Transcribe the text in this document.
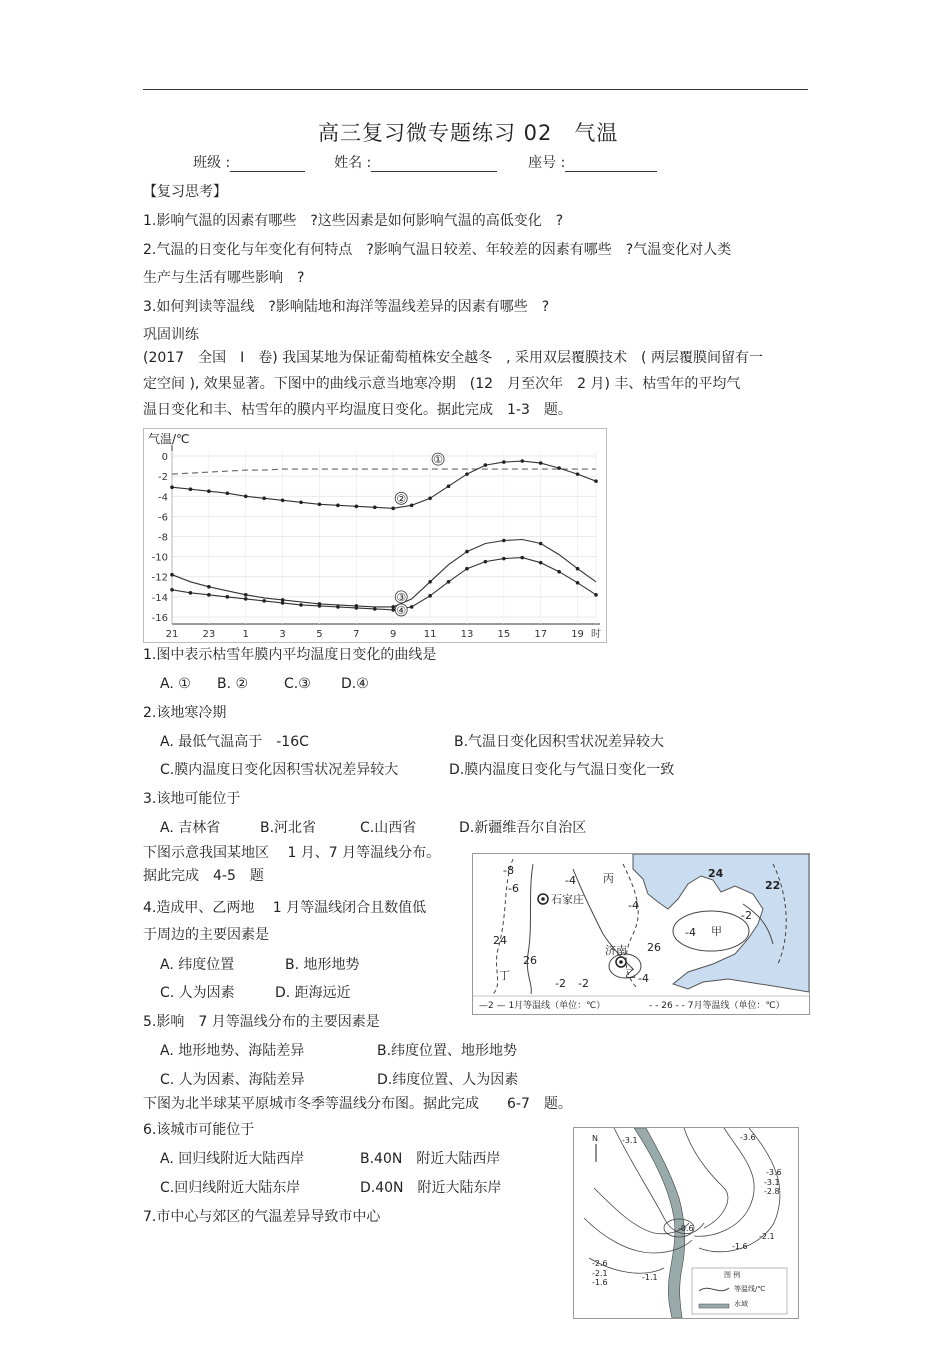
高三复习微专题练习 02　气温
班级 :	姓名 :	座号 :
【复习思考】
1.影响气温的因素有哪些　?这些因素是如何影响气温的高低变化　?
2.气温的日变化与年变化有何特点　?影响气温日较差、年较差的因素有哪些　?气温变化对人类
生产与生活有哪些影响　?
3.如何判读等温线　?影响陆地和海洋等温线差异的因素有哪些　?
巩固训练
(2017　全国　I　卷) 我国某地为保证葡萄植株安全越冬　, 采用双层覆膜技术　( 两层覆膜间留有一
定空间 ), 效果显著。下图中的曲线示意当地寒冷期　(12　月至次年　2 月) 丰、枯雪年的平均气
温日变化和丰、枯雪年的膜内平均温度日变化。据此完成　1-3　题。
气温/℃
0
-2
-4
-6
-8
-10
-12
-14
-16
21 23	1	3	5	7	9	11 13 15 17 19 时
①
②
③
④
1.图中表示枯雪年膜内平均温度日变化的曲线是
A. ① B. ②	C.③ D.④
2.该地寒冷期
A. 最低气温高于　-16C	B.气温日变化因积雪状况差异较大
C.膜内温度日变化因积雪状况差异较大	D.膜内温度日变化与气温日变化一致
3.该地可能位于
A. 吉林省	B.河北省	C.山西省	D.新疆维吾尔自治区
下图示意我国某地区　 1 月、7 月等温线分布。
据此完成　4-5　题
4.造成甲、乙两地　 1 月等温线闭合且数值低
于周边的主要因素是
A. 纬度位置	B. 地形地势
C. 人为因素	D. 距海远近
石家庄
济南
甲
乙
丙
丁
-8
-6
-4
-4
-2
-2 -2
-4
-4
24
24
22
26
26
—2 — 1月等温线（单位：℃）	- - 26 - - 7月等温线（单位：℃）
5.影响　7 月等温线分布的主要因素是
A. 地形地势、海陆差异	B.纬度位置、地形地势
C. 人为因素、海陆差异	D.纬度位置、人为因素
下图为北半球某平原城市冬季等温线分布图。据此完成　　6-7　题。
6.该城市可能位于
A. 回归线附近大陆西岸	B.40N　附近大陆西岸
C.回归线附近大陆东岸	D.40N　附近大陆东岸
7.市中心与郊区的气温差异导致市中心
N	-3.1	-3.6
-3.6
-3.1
-2.8
-2.1
-1.6
-0.6
-2.6
-2.1
-1.6
-1.1	图 例
等温线/℃
水域
